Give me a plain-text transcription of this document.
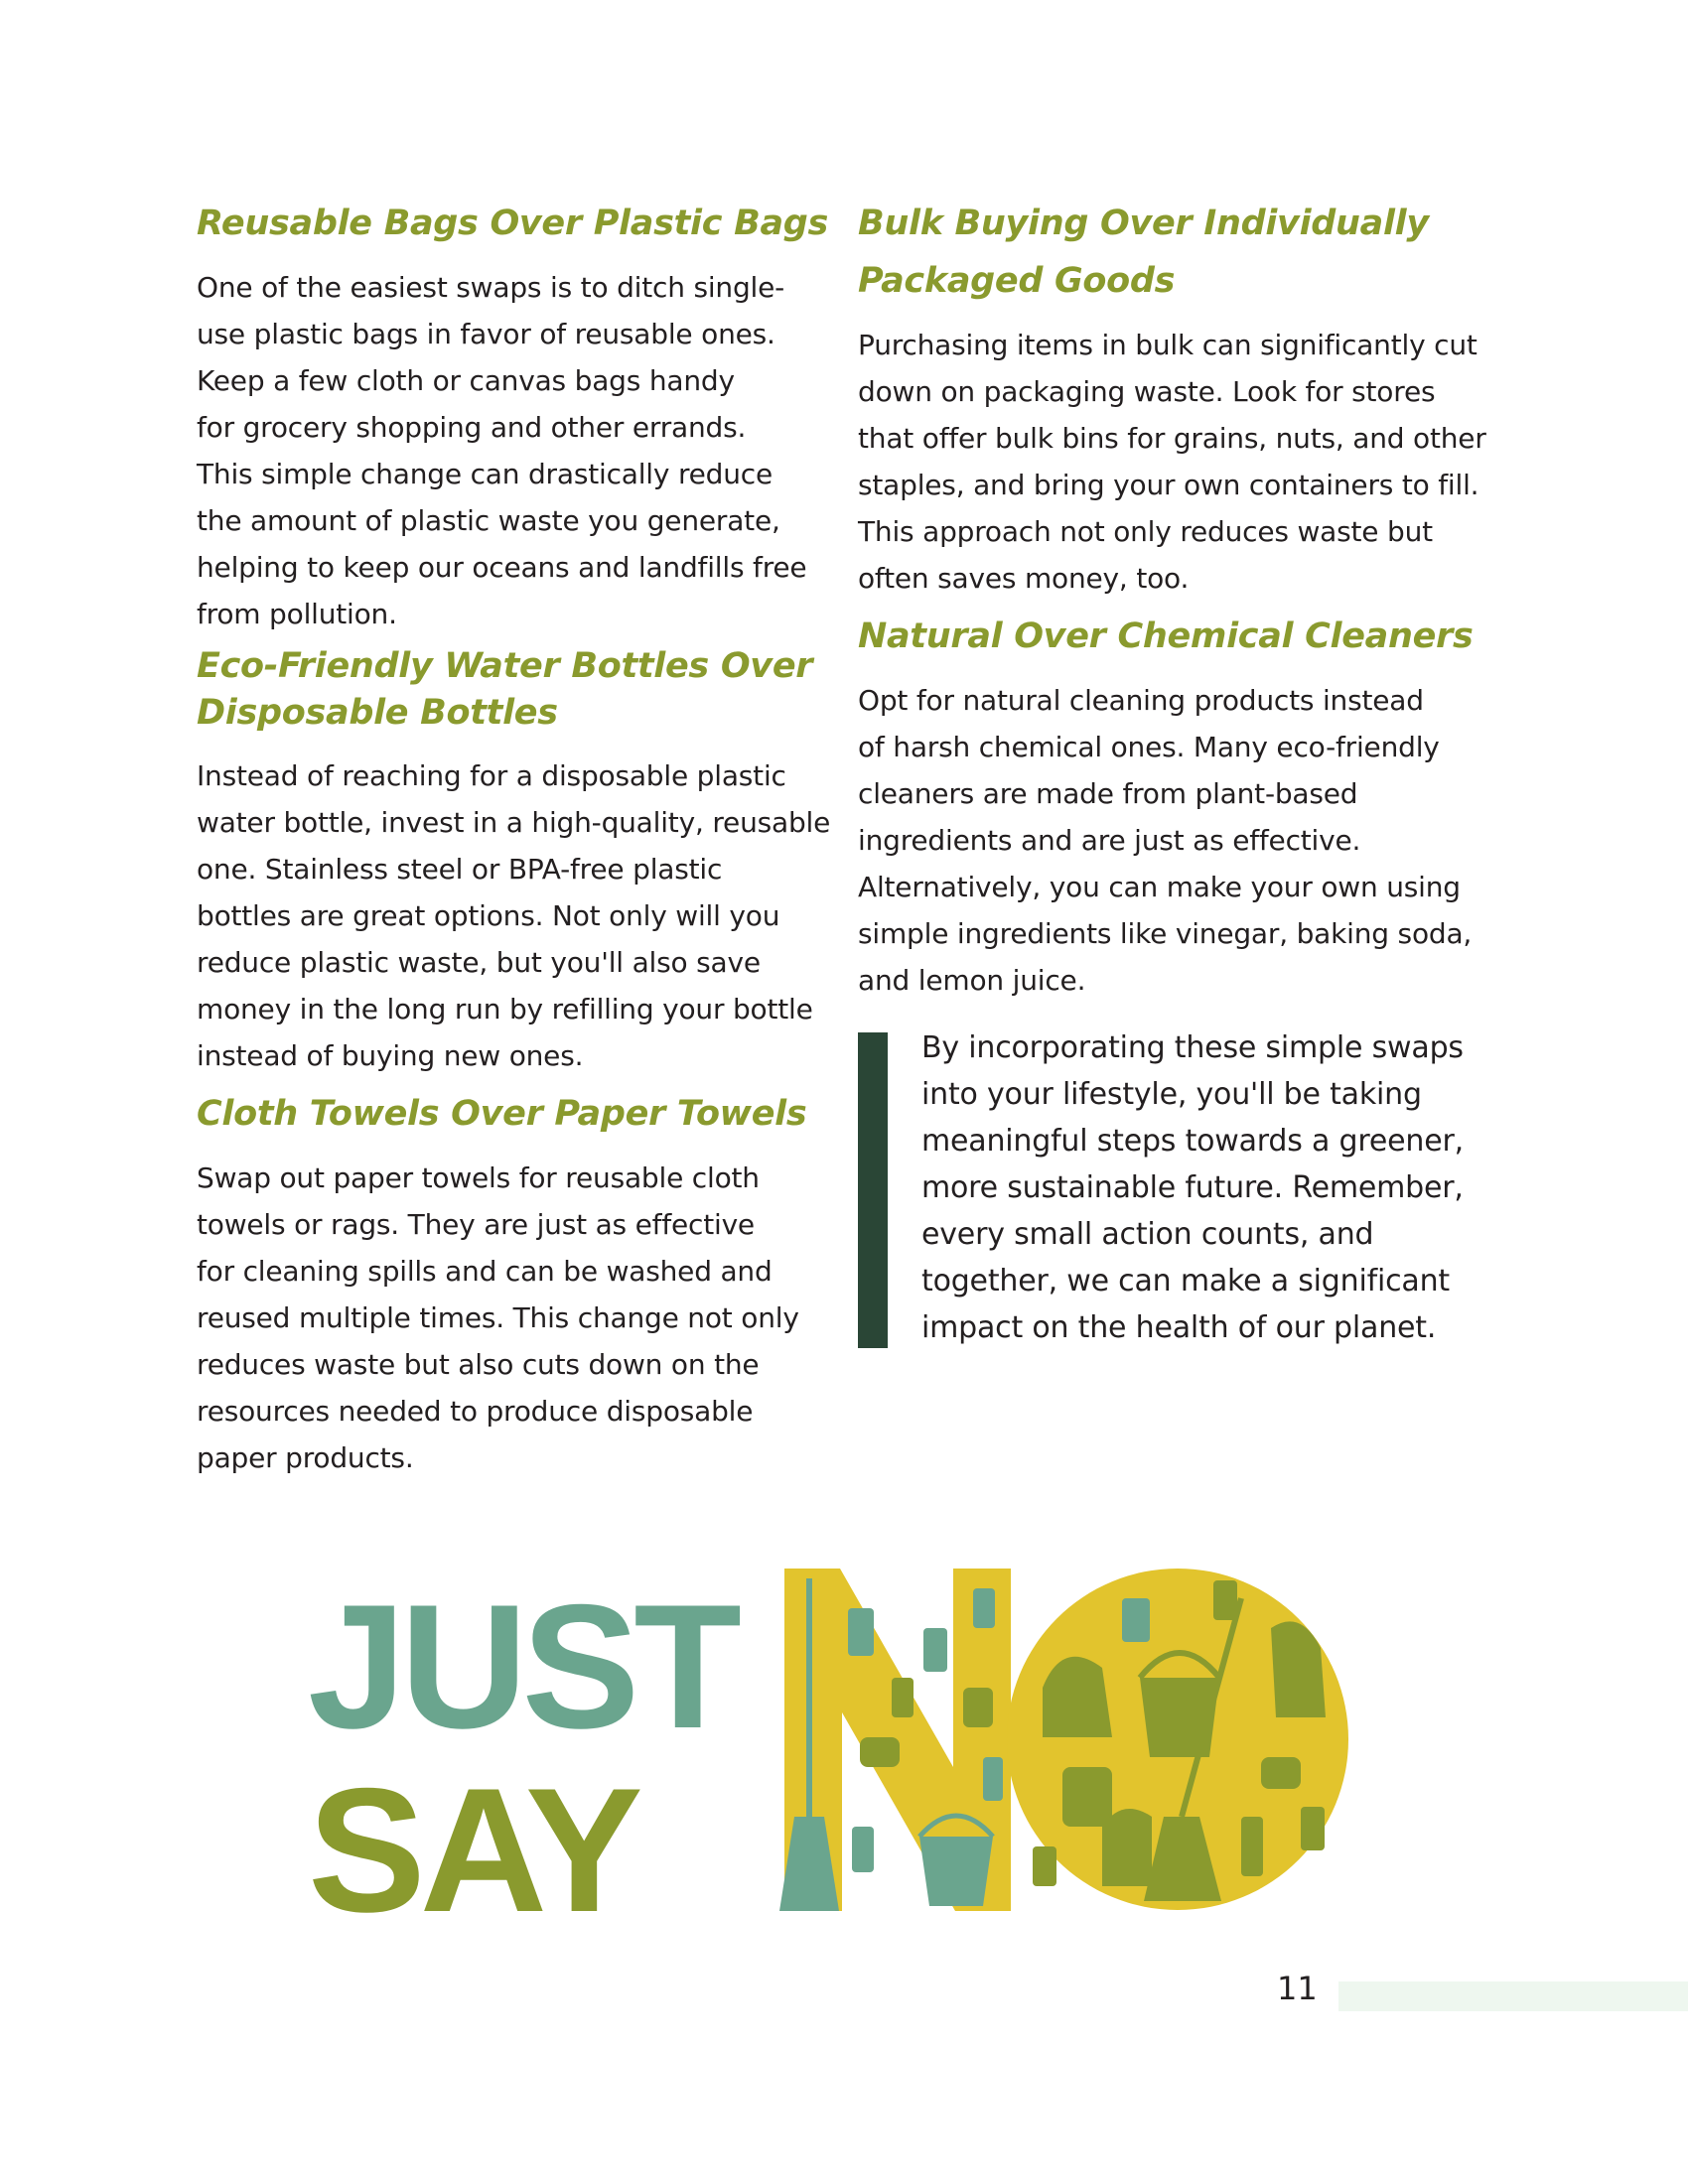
Reusable Bags Over Plastic Bags

One of the easiest swaps is to ditch single-
use plastic bags in favor of reusable ones.
Keep a few cloth or canvas bags handy
for grocery shopping and other errands.
This simple change can drastically reduce
the amount of plastic waste you generate,
helping to keep our oceans and landfills free
from pollution.

Eco-Friendly Water Bottles Over
Disposable Bottles

Instead of reaching for a disposable plastic
water bottle, invest in a high-quality, reusable
one. Stainless steel or BPA-free plastic
bottles are great options. Not only will you
reduce plastic waste, but you'll also save
money in the long run by refilling your bottle
instead of buying new ones.

Cloth Towels Over Paper Towels

Swap out paper towels for reusable cloth
towels or rags. They are just as effective
for cleaning spills and can be washed and
reused multiple times. This change not only
reduces waste but also cuts down on the
resources needed to produce disposable
paper products.

Bulk Buying Over Individually
Packaged Goods

Purchasing items in bulk can significantly cut
down on packaging waste. Look for stores
that offer bulk bins for grains, nuts, and other
staples, and bring your own containers to fill.
This approach not only reduces waste but
often saves money, too.

Natural Over Chemical Cleaners

Opt for natural cleaning products instead
of harsh chemical ones. Many eco-friendly
cleaners are made from plant-based
ingredients and are just as effective.
Alternatively, you can make your own using
simple ingredients like vinegar, baking soda,
and lemon juice.

By incorporating these simple swaps
into your lifestyle, you'll be taking
meaningful steps towards a greener,
more sustainable future. Remember,
every small action counts, and
together, we can make a significant
impact on the health of our planet.
JUST
SAY
11
